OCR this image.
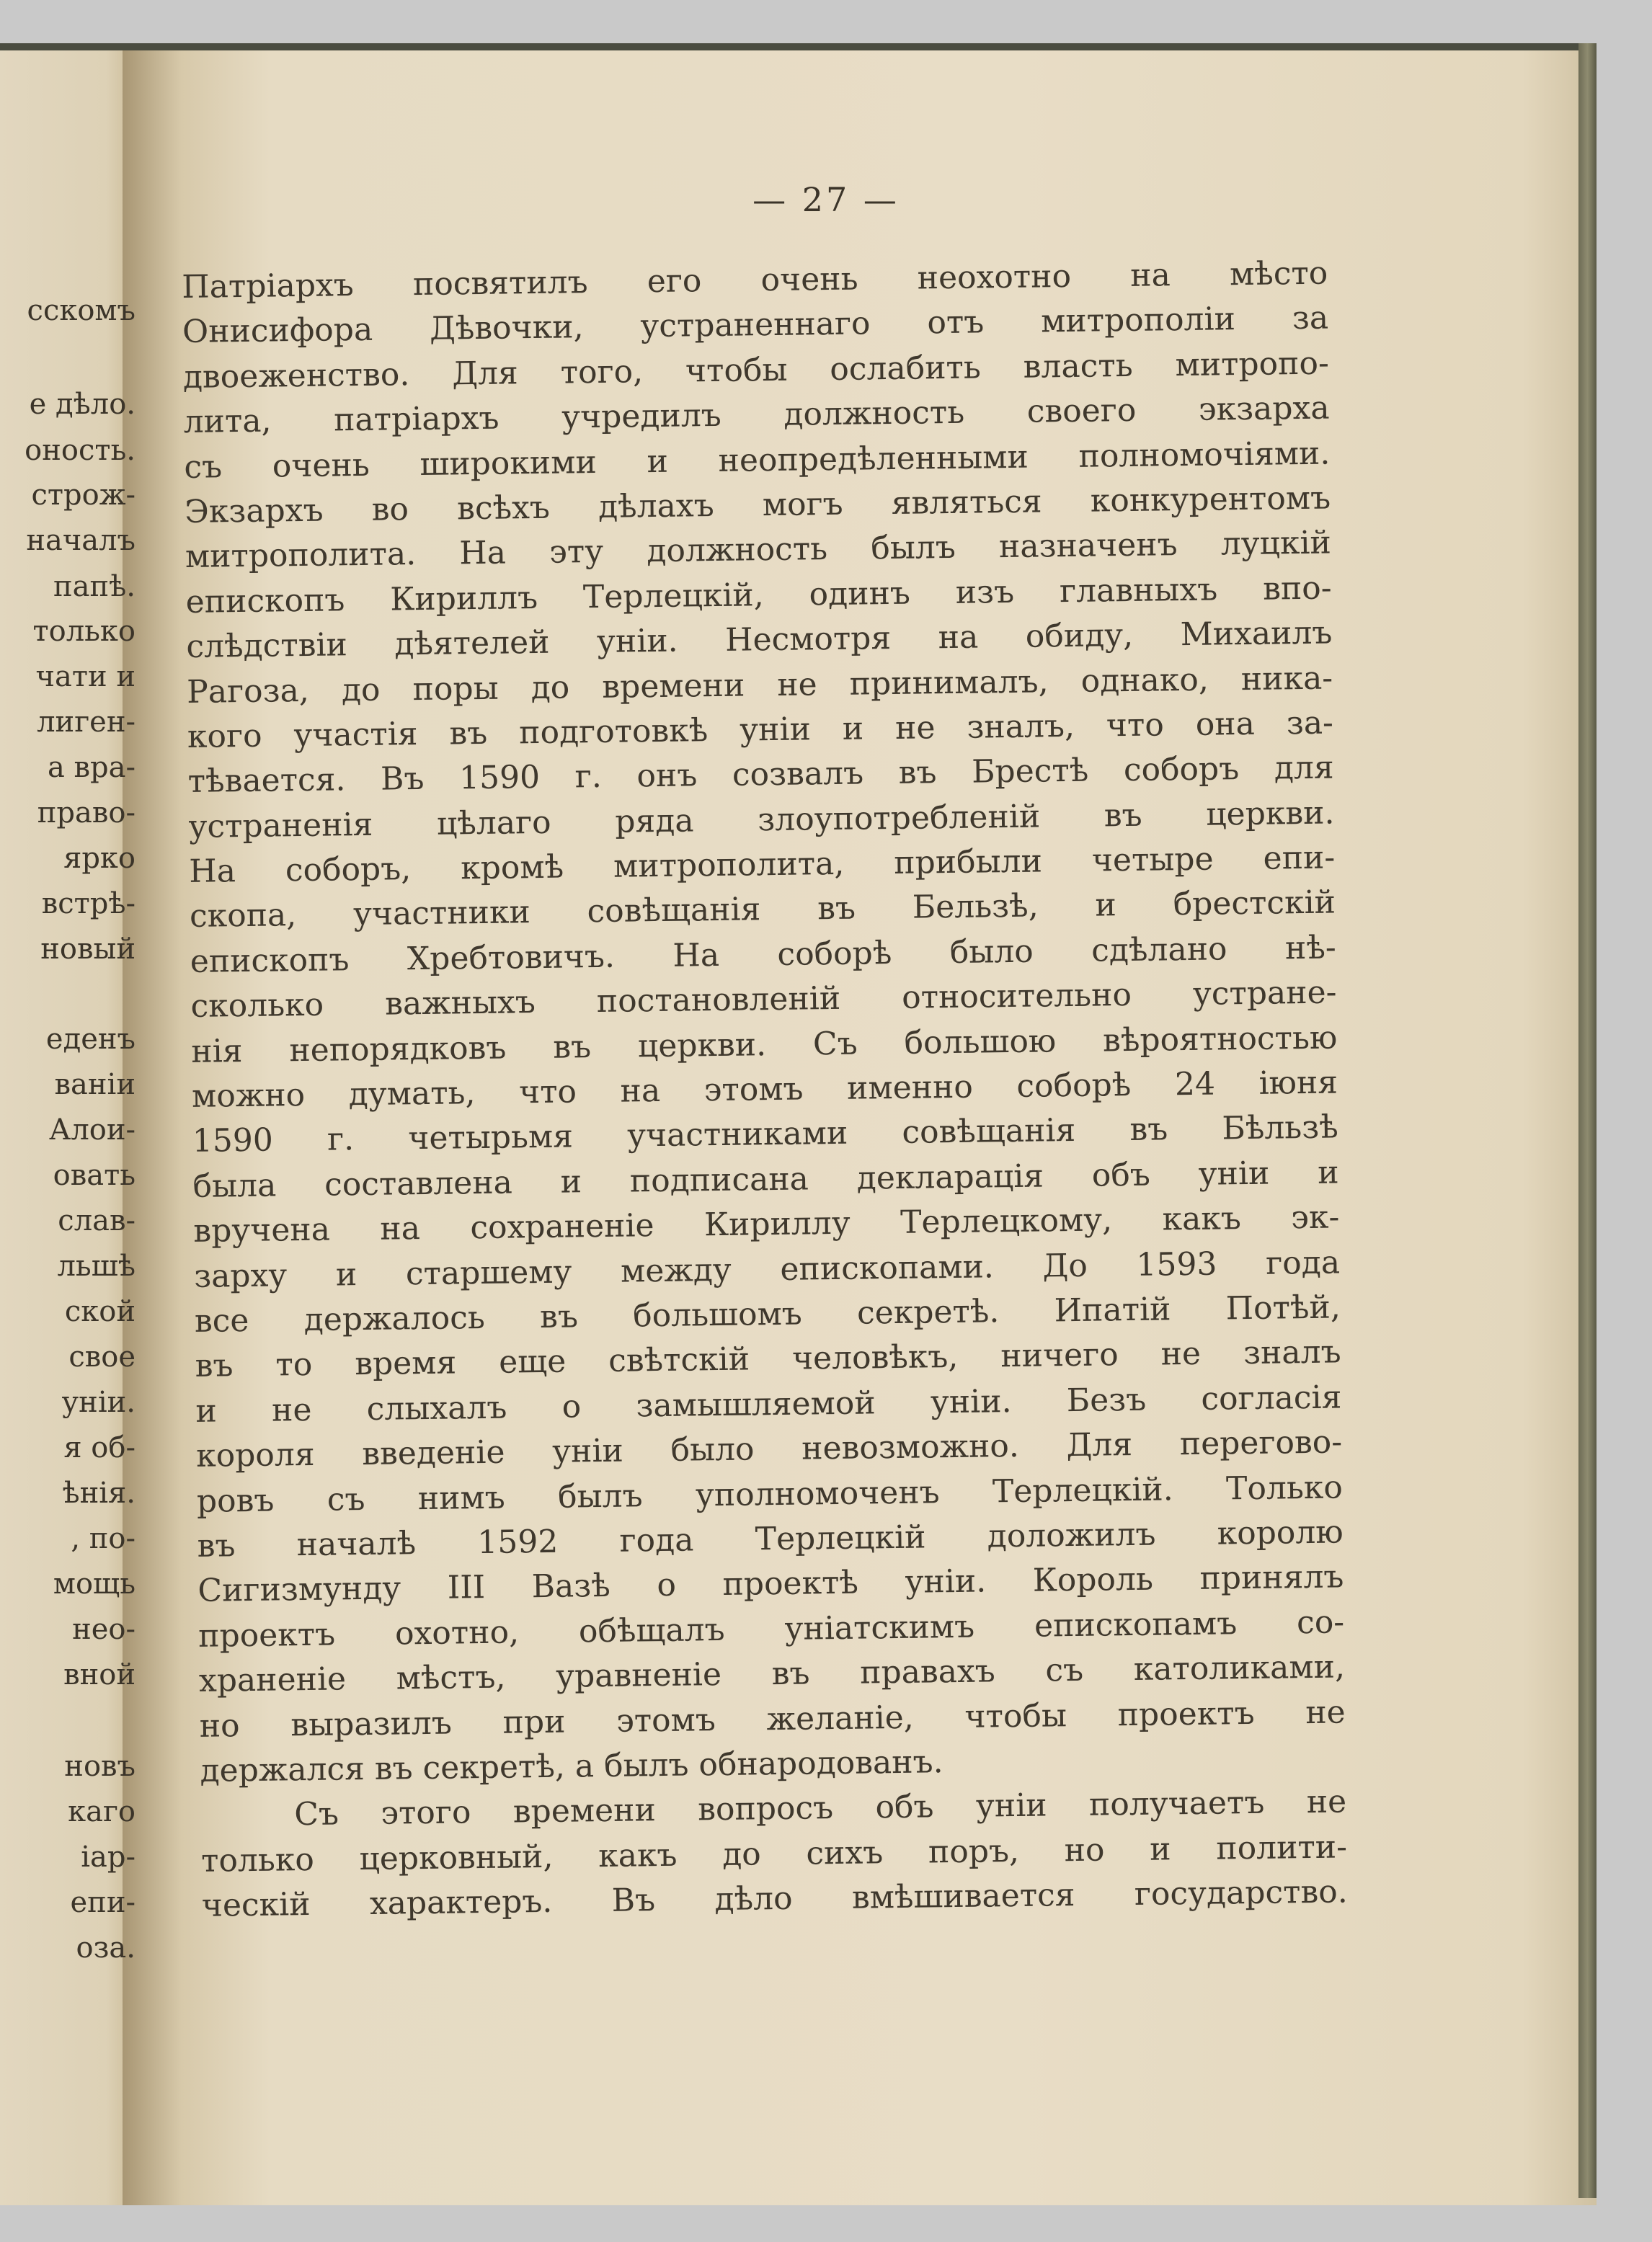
сскомъ
е дѣло.
оность.
строж-
началъ
папѣ.
только
чати и
лиген-
а вра-
право-
ярко
встрѣ-
новый
еденъ
ваніи
Алои-
овать
слав-
льшѣ
ской
свое
уніи.
я об-
ѣнія.
, по-
мощь
нео-
вной
новъ
каго
іар-
епи-
оза.
— 27 —
Патріархъ посвятилъ его очень неохотно на мѣсто
Онисифора Дѣвочки, устраненнаго отъ митрополіи за
двоеженство. Для того, чтобы ослабить власть митропо-
лита, патріархъ учредилъ должность своего экзарха
съ очень широкими и неопредѣленными полномочіями.
Экзархъ во всѣхъ дѣлахъ могъ являться конкурентомъ
митрополита. На эту должность былъ назначенъ луцкій
епископъ Кириллъ Терлецкій, одинъ изъ главныхъ впо-
слѣдствіи дѣятелей уніи. Несмотря на обиду, Михаилъ
Рагоза, до поры до времени не принималъ, однако, ника-
кого участія въ подготовкѣ уніи и не зналъ, что она за-
тѣвается. Въ 1590 г. онъ созвалъ въ Брестѣ соборъ для
устраненія цѣлаго ряда злоупотребленій въ церкви.
На соборъ, кромѣ митрополита, прибыли четыре епи-
скопа, участники совѣщанія въ Бельзѣ, и брестскій
епископъ Хребтовичъ. На соборѣ было сдѣлано нѣ-
сколько важныхъ постановленій относительно устране-
нія непорядковъ въ церкви. Съ большою вѣроятностью
можно думать, что на этомъ именно соборѣ 24 іюня
1590 г. четырьмя участниками совѣщанія въ Бѣльзѣ
была составлена и подписана декларація объ уніи и
вручена на сохраненіе Кириллу Терлецкому, какъ эк-
зарху и старшему между епископами. До 1593 года
все держалось въ большомъ секретѣ. Ипатій Потѣй,
въ то время еще свѣтскій человѣкъ, ничего не зналъ
и не слыхалъ о замышляемой уніи. Безъ согласія
короля введеніе уніи было невозможно. Для перегово-
ровъ съ нимъ былъ уполномоченъ Терлецкій. Только
въ началѣ 1592 года Терлецкій доложилъ королю
Сигизмунду III Вазѣ о проектѣ уніи. Король принялъ
проектъ охотно, обѣщалъ уніатскимъ епископамъ со-
храненіе мѣстъ, уравненіе въ правахъ съ католиками,
но выразилъ при этомъ желаніе, чтобы проектъ не
держался въ секретѣ, а былъ обнародованъ.
Съ этого времени вопросъ объ уніи получаетъ не
только церковный, какъ до сихъ поръ, но и полити-
ческій характеръ. Въ дѣло вмѣшивается государство.
